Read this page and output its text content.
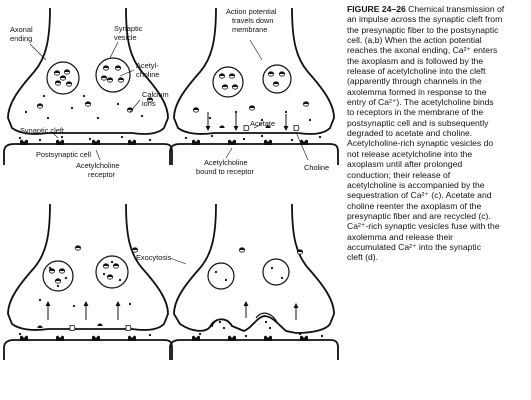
Axonal
ending
Synaptic
vesicle
Acetyl-
choline
Calcium
ions
Synaptic cleft
Postsynaptic cell
Acetylcholine
receptor
Action potential
travels down
membrane
Acetate
Choline
Acetylcholine
bound to receptor
Exocytosis
FIGURE 24–26 Chemical transmission of
an impulse across the synaptic cleft from
the presynaptic fiber to the postsynaptic
cell. (a,b) When the action potential
reaches the axonal ending, Ca²⁺ enters
the axoplasm and is followed by the
release of acetylcholine into the cleft
(apparently through channels in the
axolemma formed in response to the
entry of Ca²⁺). The acetylcholine binds
to receptors in the membrane of the
postsynaptic cell and is subsequently
degraded to acetate and choline.
Acetylcholine-rich synaptic vesicles do
not release acetylcholine into the
axoplasm until after prolonged
conduction; their release of
acetylcholine is accompanied by the
sequestration of Ca²⁺ (c). Acetate and
choline reenter the axoplasm of the
presynaptic fiber and are recycled (c).
Ca²⁺-rich synaptic vesicles fuse with the
axolemma and release their
accumulated Ca²⁺ into the synaptic
cleft (d).
